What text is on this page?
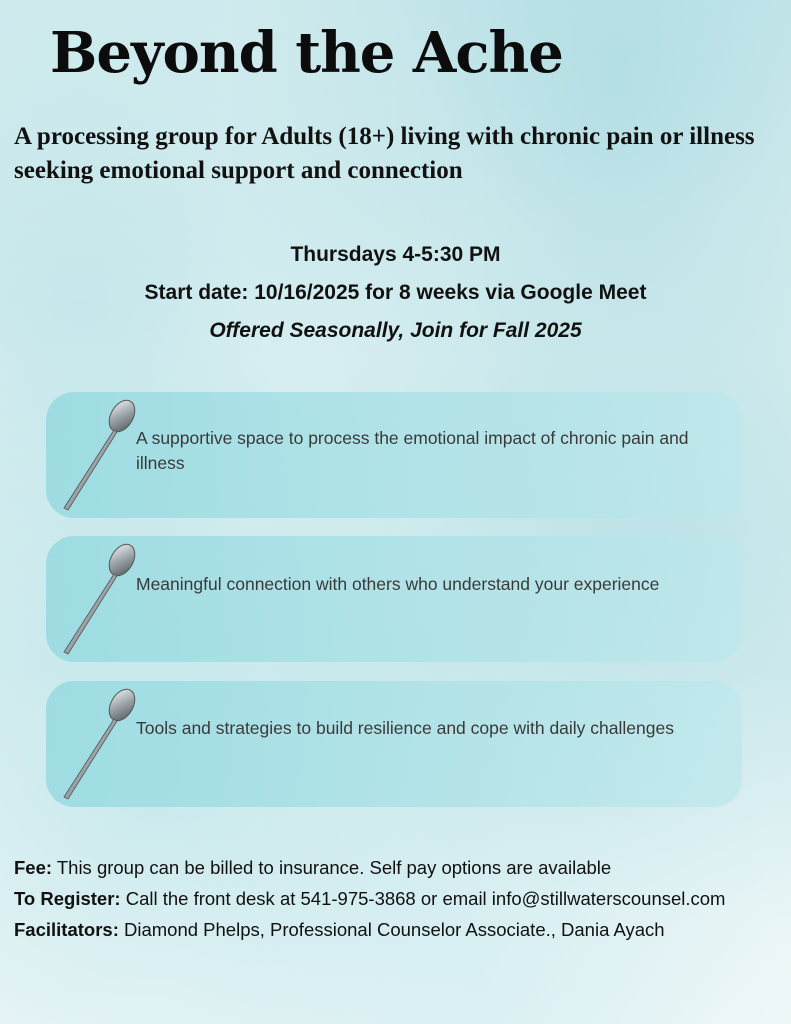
Beyond the Ache
A processing group for Adults (18+) living with chronic pain or illness seeking emotional support and connection
Thursdays 4-5:30 PM
Start date: 10/16/2025 for 8 weeks via Google Meet
Offered Seasonally, Join for Fall 2025
A supportive space to process the emotional impact of chronic pain and illness
Meaningful connection with others who understand your experience
Tools and strategies to build resilience and cope with daily challenges

Fee: This group can be billed to insurance. Self pay options are available

To Register: Call the front desk at 541-975-3868 or email info@stillwaterscounsel.com

Facilitators: Diamond Phelps, Professional Counselor Associate., Dania Ayach
